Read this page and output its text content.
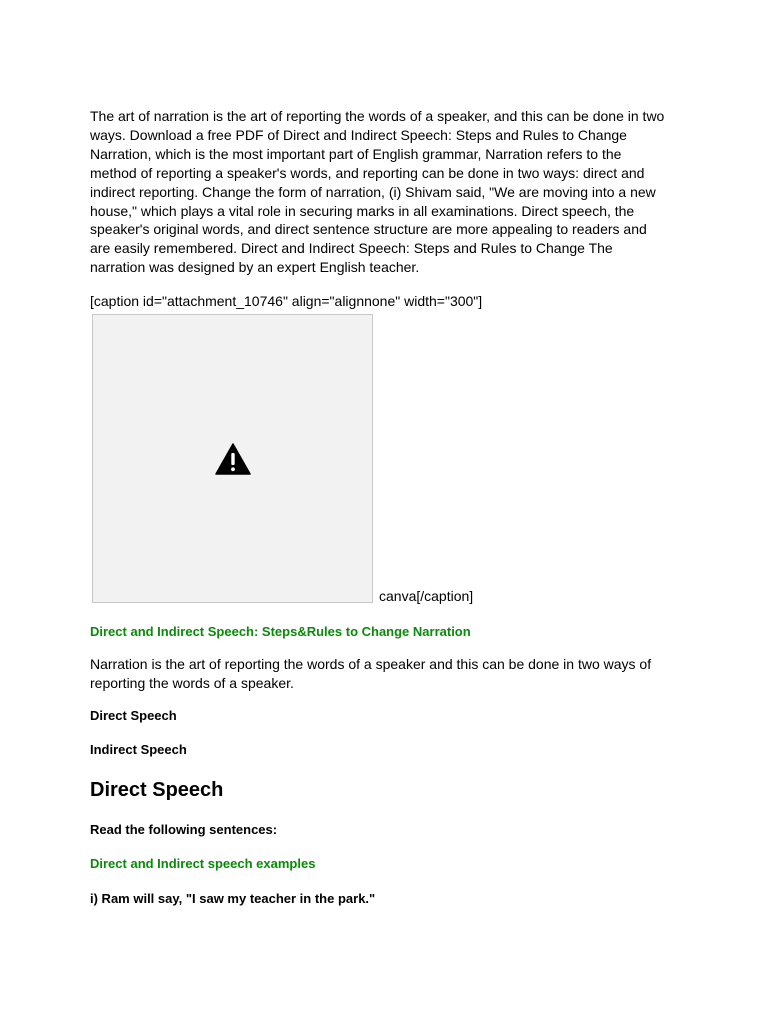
The art of narration is the art of reporting the words of a speaker, and this can be done in two ways. Download a free PDF of Direct and Indirect Speech: Steps and Rules to Change Narration, which is the most important part of English grammar, Narration refers to the method of reporting a speaker's words, and reporting can be done in two ways: direct and indirect reporting. Change the form of narration, (i) Shivam said, "We are moving into a new house," which plays a vital role in securing marks in all examinations. Direct speech, the speaker's original words, and direct sentence structure are more appealing to readers and are easily remembered. Direct and Indirect Speech: Steps and Rules to Change The narration was designed by an expert English teacher.

[caption id="attachment_10746" align="alignnone" width="300"]

canva[/caption]

Direct and Indirect Speech: Steps&Rules to Change Narration

Narration is the art of reporting the words of a speaker and this can be done in two ways of reporting the words of a speaker.

Direct Speech

Indirect Speech

Direct Speech

Read the following sentences:

Direct and Indirect speech examples

i) Ram will say, "I saw my teacher in the park."
